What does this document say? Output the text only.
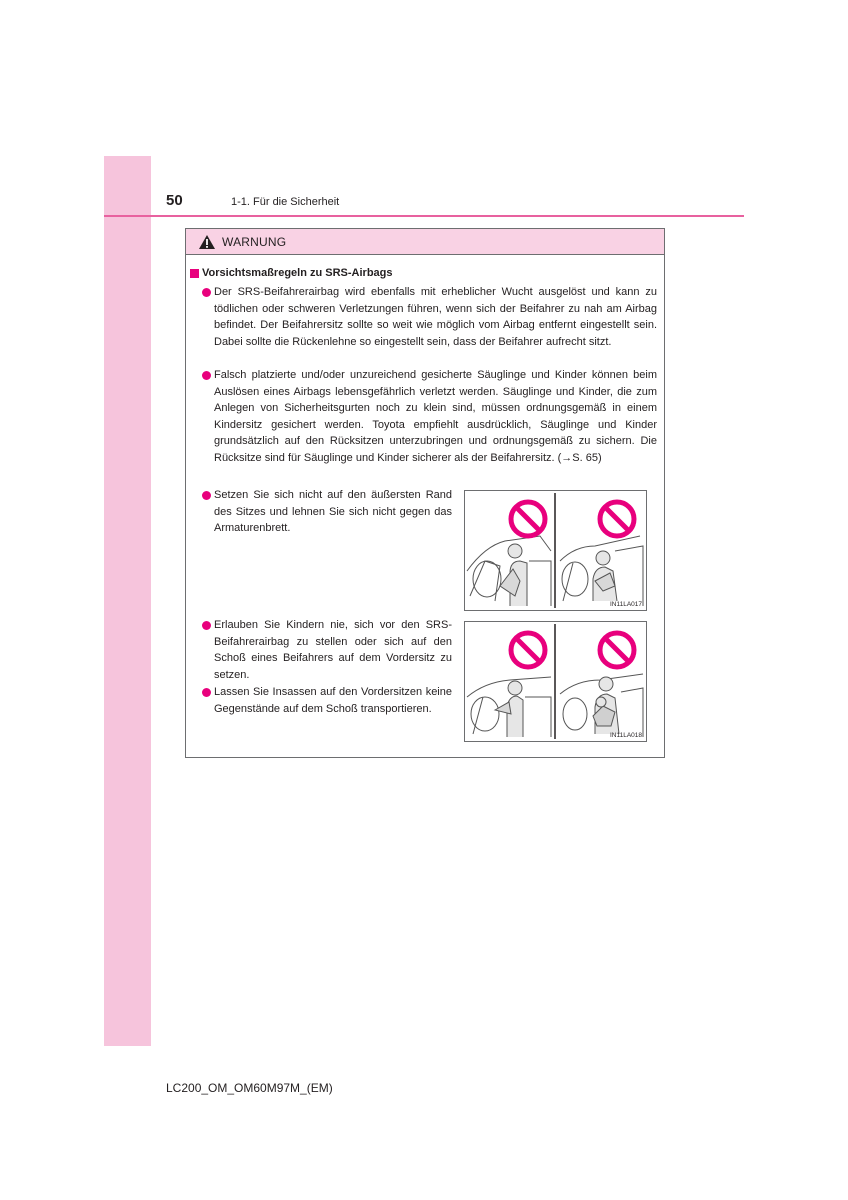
50	1-1. Für die Sicherheit
WARNUNG
Vorsichtsmaßregeln zu SRS-Airbags
Der SRS-Beifahrerairbag wird ebenfalls mit erheblicher Wucht ausgelöst und kann zu tödlichen oder schweren Verletzungen führen, wenn sich der Beifahrer zu nah am Airbag befindet. Der Beifahrersitz sollte so weit wie möglich vom Airbag entfernt eingestellt sein. Dabei sollte die Rückenlehne so eingestellt sein, dass der Beifahrer aufrecht sitzt.
Falsch platzierte und/oder unzureichend gesicherte Säuglinge und Kinder können beim Auslösen eines Airbags lebensgefährlich verletzt werden. Säuglinge und Kinder, die zum Anlegen von Sicherheitsgurten noch zu klein sind, müssen ordnungsgemäß in einem Kindersitz gesichert werden. Toyota empfiehlt ausdrücklich, Säuglinge und Kinder grundsätzlich auf den Rücksitzen unterzubringen und ordnungsgemäß zu sichern. Die Rücksitze sind für Säuglinge und Kinder sicherer als der Beifahrersitz. (→S. 65)
Setzen Sie sich nicht auf den äußersten Rand des Sitzes und lehnen Sie sich nicht gegen das Armaturenbrett.
Erlauben Sie Kindern nie, sich vor den SRS-Beifahrerairbag zu stellen oder sich auf den Schoß eines Beifahrers auf dem Vordersitz zu setzen.
Lassen Sie Insassen auf den Vordersitzen keine Gegenstände auf dem Schoß transportieren.
IN11LA017
IN11LA018
LC200_OM_OM60M97M_(EM)
